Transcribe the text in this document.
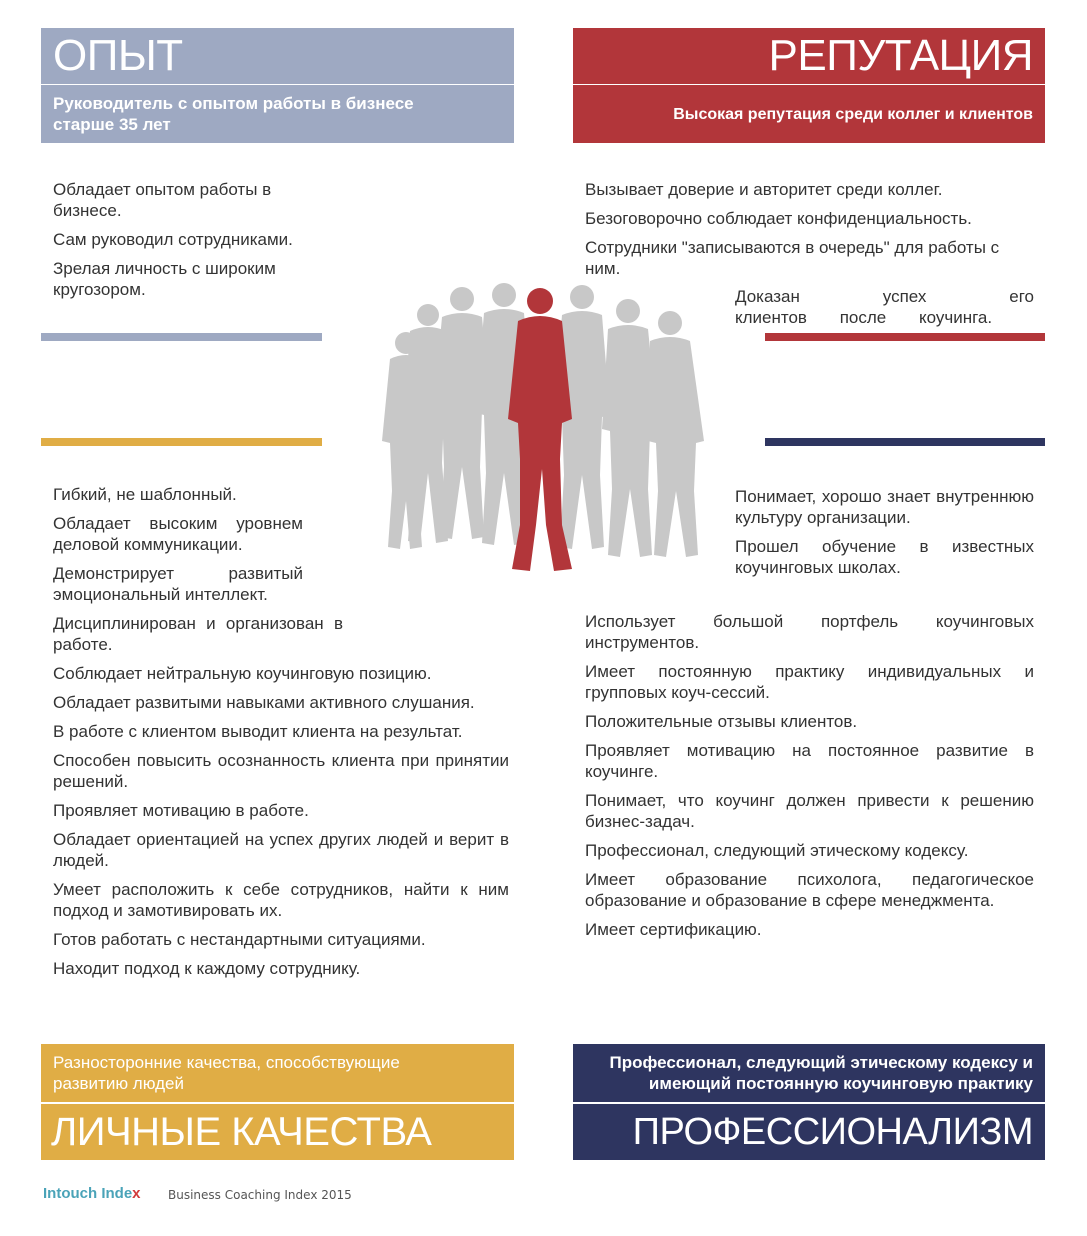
ОПЫТ
Руководитель с опытом работы в бизнесе старше 35 лет

Обладает опытом работы в бизнесе.

Сам руководил сотрудниками.

Зрелая личность с широким кругозором.

РЕПУТАЦИЯ
Высокая репутация среди коллег и клиентов

Вызывает доверие и авторитет среди коллег.

Безоговорочно соблюдает конфиденциальность.

Сотрудники "записываются в очередь" для работы с ним.

Доказан успех его клиентов после коучинга.

Гибкий, не шаблонный.

Обладает высоким уровнем деловой коммуникации.

Демонстрирует развитый эмоциональный интеллект.

Дисциплинирован и организован в работе.

Соблюдает нейтральную коучинговую позицию.

Обладает развитыми навыками активного слушания.

В работе с клиентом выводит клиента на результат.

Способен повысить осознанность клиента при принятии решений.

Проявляет мотивацию в работе.

Обладает ориентацией на успех других людей и верит в людей.

Умеет расположить к себе сотрудников, найти к ним подход и замотивировать их.

Готов работать с нестандартными ситуациями.

Находит подход к каждому сотруднику.

Понимает, хорошо знает внутреннюю культуру организации.

Прошел обучение в известных коучинговых школах.

Использует большой портфель коучинговых инструментов.

Имеет постоянную практику индивидуальных и групповых коуч-сессий.

Положительные отзывы клиентов.

Проявляет мотивацию на постоянное развитие в коучинге.

Понимает, что коучинг должен привести к решению бизнес-задач.

Профессионал, следующий этическому кодексу.

Имеет образование психолога, педагогическое образование и образование в сфере менеджмента.

Имеет сертификацию.

Разносторонние качества, способствующие развитию людей
ЛИЧНЫЕ КАЧЕСТВА
Профессионал, следующий этическому кодексу и имеющий постоянную коучинговую практику
ПРОФЕССИОНАЛИЗМ
Intouch Index Business Coaching Index 2015
